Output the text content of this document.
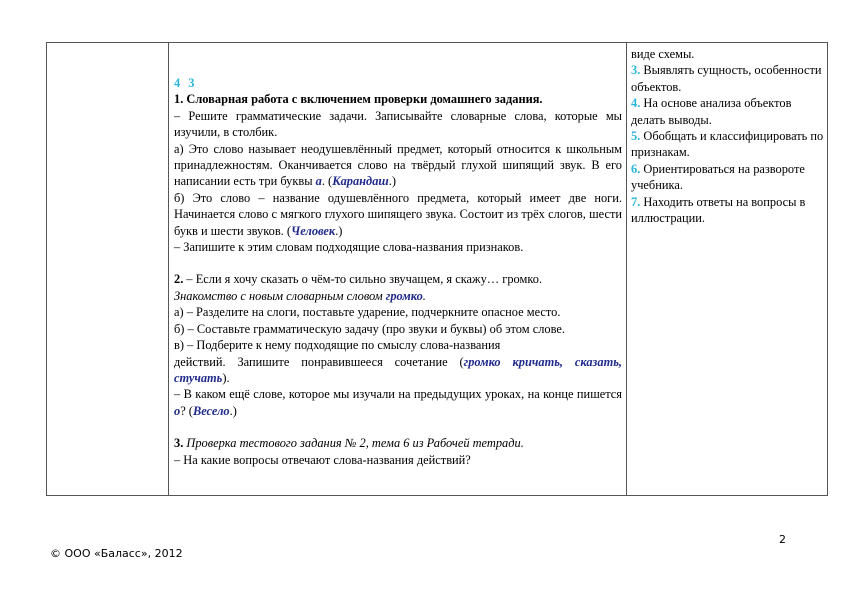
4 3

1. Словарная работа с включением проверки домашнего задания.

– Решите грамматические задачи. Записывайте словарные слова, которые мы изучили, в столбик.

а) Это слово называет неодушевлённый предмет, который относится к школьным принадлежностям. Оканчивается слово на твёрдый глухой шипящий звук. В его написании есть три буквы а. (Карандаш.)

б) Это слово – название одушевлённого предмета, который имеет две ноги. Начинается слово с мягкого глухого шипящего звука. Состоит из трёх слогов, шести букв и шести звуков. (Человек.)

– Запишите к этим словам подходящие слова-названия признаков.

2. – Если я хочу сказать о чём-то сильно звучащем, я скажу… громко.

Знакомство с новым словарным словом громко.

а) – Разделите на слоги, поставьте ударение, подчеркните опасное место.

б) – Составьте грамматическую задачу (про звуки и буквы) об этом слове.

в) – Подберите к нему подходящие по смыслу слова-названия

действий. Запишите понравившееся сочетание (громко кричать, сказать, стучать).

– В каком ещё слове, которое мы изучали на предыдущих уроках, на конце пишется о? (Весело.)

3. Проверка тестового задания № 2, тема 6 из Рабочей тетради.

– На какие вопросы отвечают слова-названия действий?

виде схемы.

3. Выявлять сущность, особенности объектов.

4. На основе анализа объектов делать выводы.

5. Обобщать и классифицировать по признакам.

6. Ориентироваться на развороте учебника.

7. Находить ответы на вопросы в иллюстрации.

2
© ООО «Баласс», 2012
